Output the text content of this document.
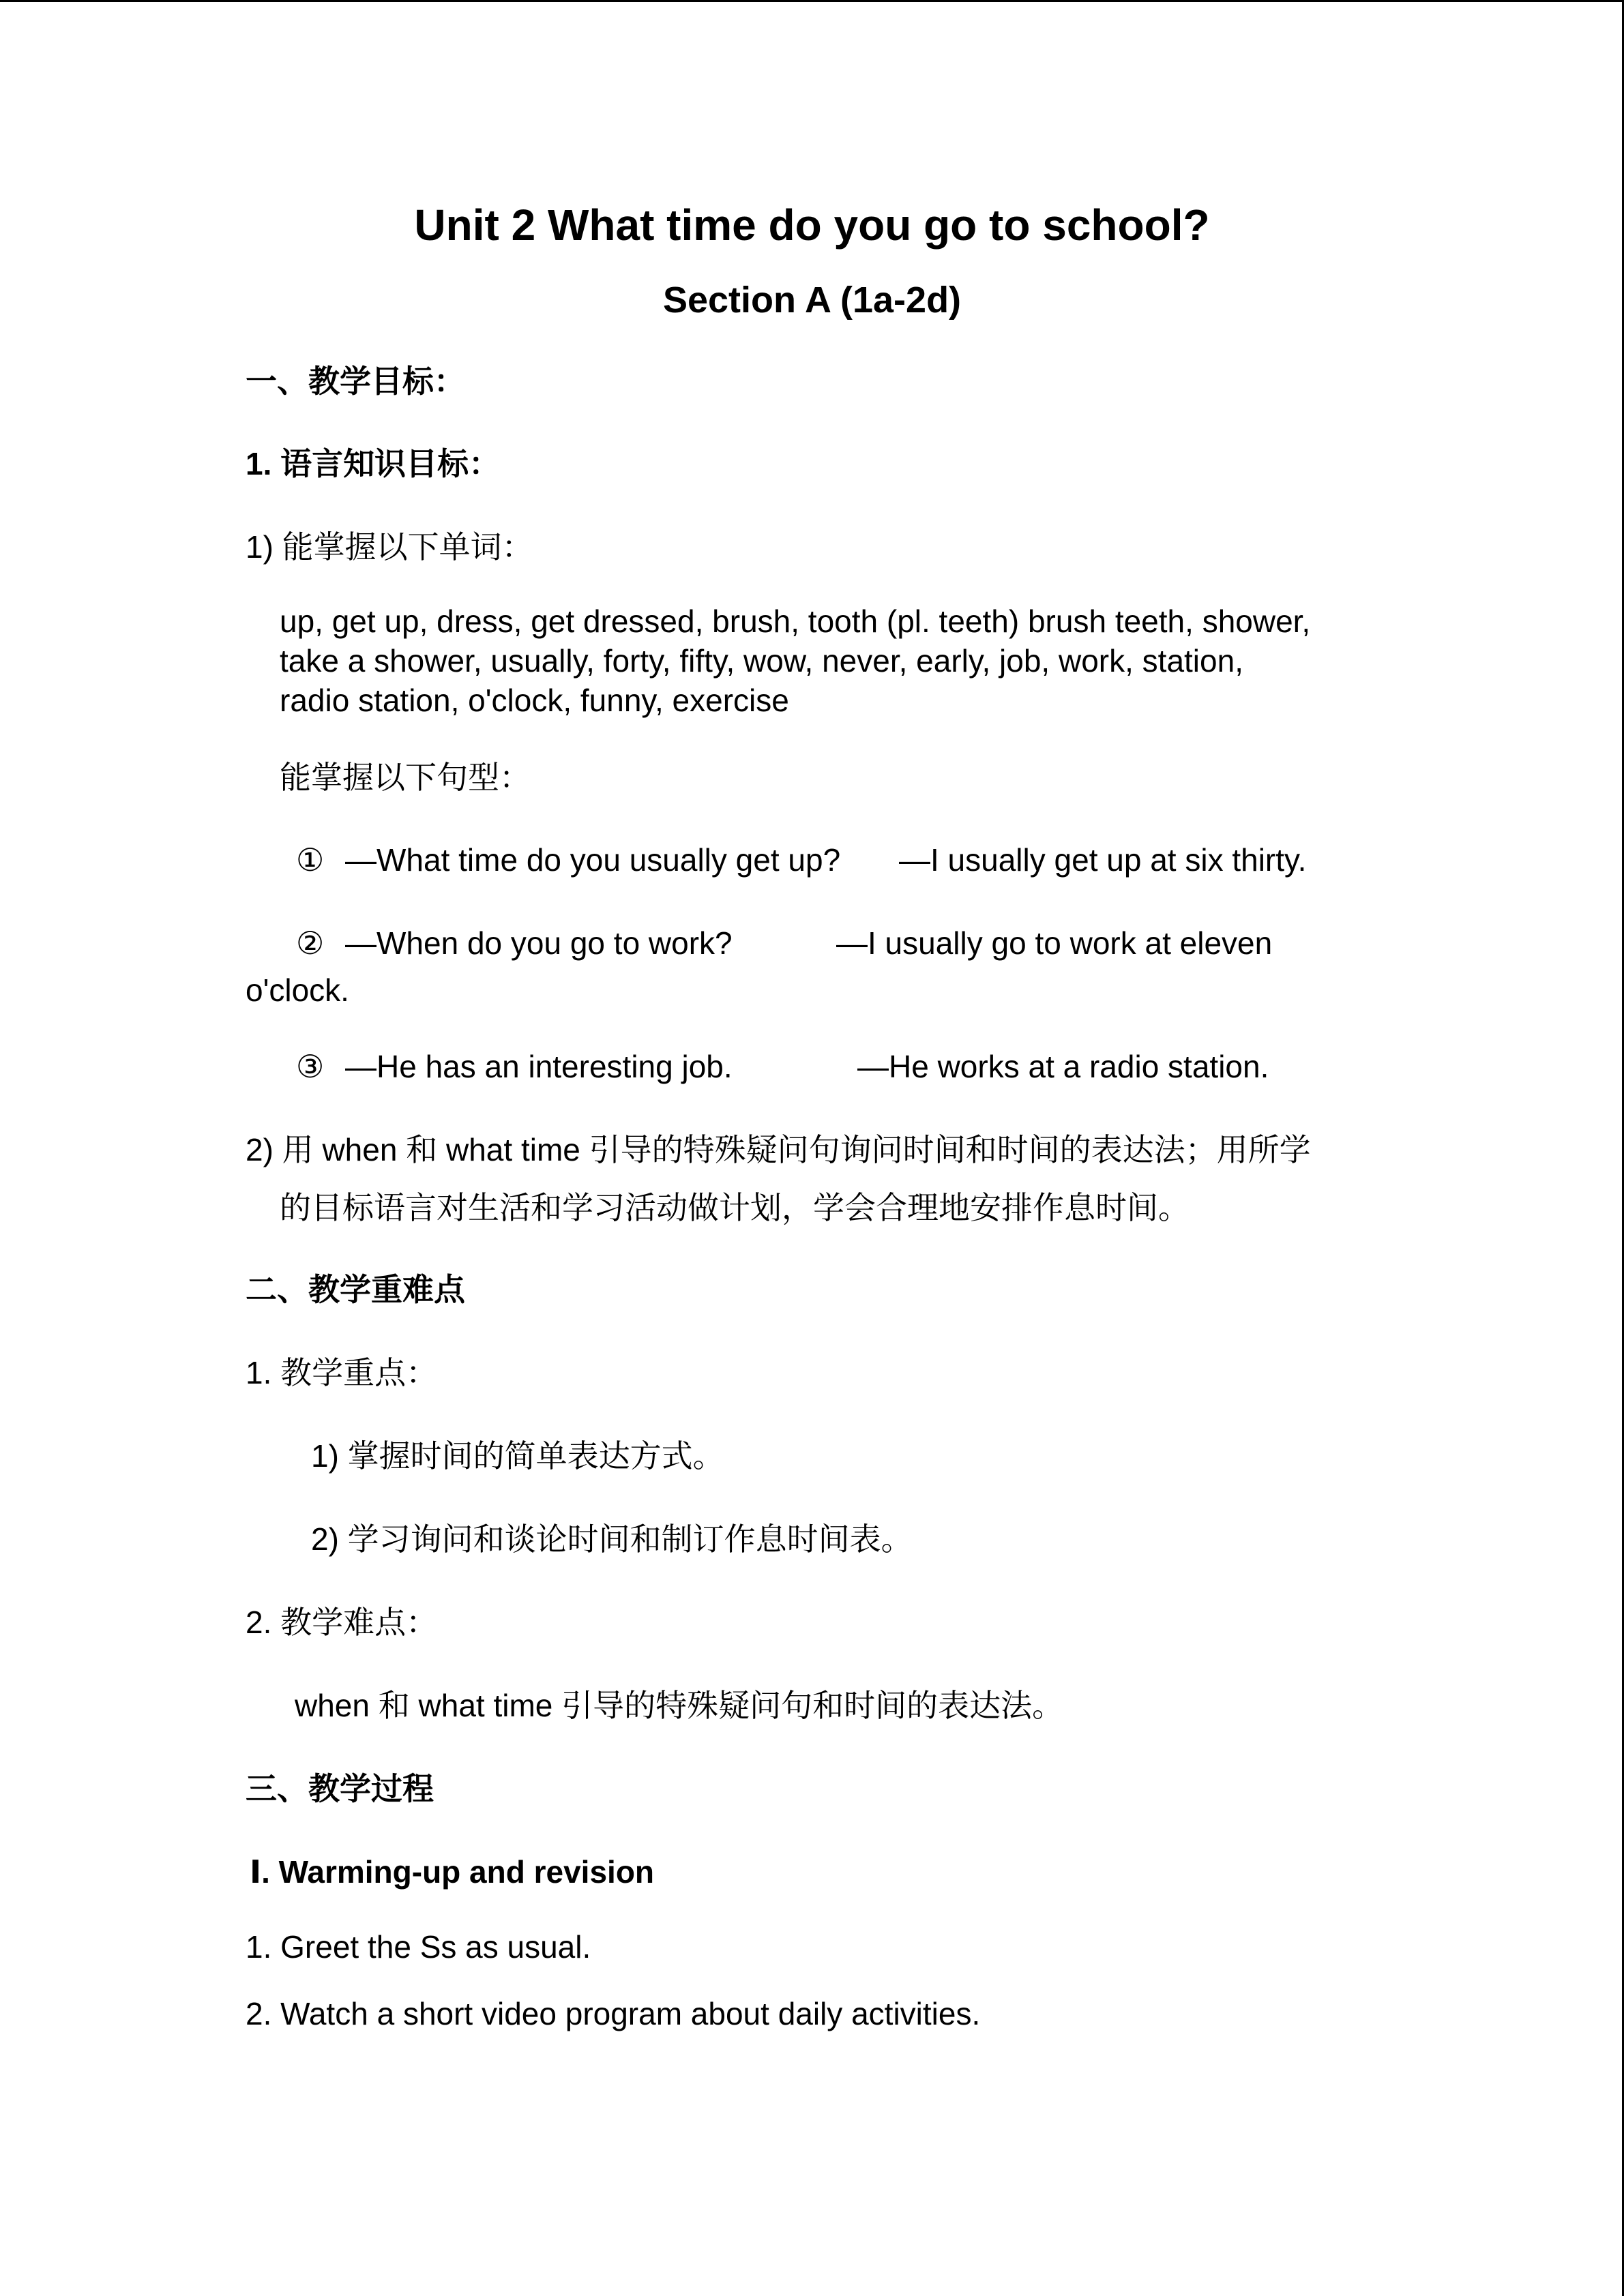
Unit 2 What time do you go to school?
Section A (1a-2d)
一、教学目标：
1. 语言知识目标：
1) 能掌握以下单词：
up, get up, dress, get dressed, brush, tooth (pl. teeth) brush teeth, shower,
take a shower, usually, forty, fifty, wow, never, early, job, work, station,
radio station, o'clock, funny, exercise
能掌握以下句型：
① —What time do you usually get up? —I usually get up at six thirty.
② —When do you go to work?	—I usually go to work at eleven
o'clock.
③ —He has an interesting job.	—He works at a radio station.
2) 用 when 和 what time 引导的特殊疑问句询问时间和时间的表达法；用所学
的目标语言对生活和学习活动做计划，学会合理地安排作息时间。
二、教学重难点
1. 教学重点：
1) 掌握时间的简单表达方式。
2) 学习询问和谈论时间和制订作息时间表。
2. 教学难点：
when 和 what time 引导的特殊疑问句和时间的表达法。
三、教学过程
Ⅰ. Warming-up and revision
1. Greet the Ss as usual.
2. Watch a short video program about daily activities.
